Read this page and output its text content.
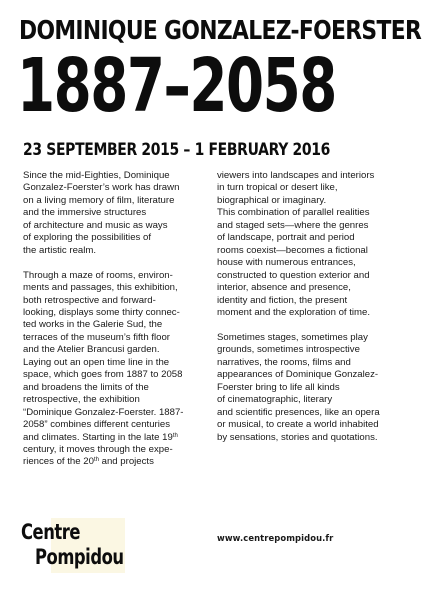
DOMINIQUE GONZALEZ-FOERSTER
1887–2058
23 SEPTEMBER 2015 – 1 FEBRUARY 2016

Since the mid-Eighties, Dominique
Gonzalez-Foerster’s work has drawn
on a living memory of film, literature
and the immersive structures
of architecture and music as ways
of exploring the possibilities of
the artistic realm.

Through a maze of rooms, environ-
ments and passages, this exhibition,
both retrospective and forward-
looking, displays some thirty connec-
ted works in the Galerie Sud, the
terraces of the museum’s fifth floor
and the Atelier Brancusi garden.
Laying out an open time line in the
space, which goes from 1887 to 2058
and broadens the limits of the
retrospective, the exhibition
“Dominique Gonzalez-Foerster. 1887-
2058” combines different centuries
and climates. Starting in the late 19th
century, it moves through the expe-
riences of the 20th and projects

viewers into landscapes and interiors
in turn tropical or desert like,
biographical or imaginary.
This combination of parallel realities
and staged sets—where the genres
of landscape, portrait and period
rooms coexist—becomes a fictional
house with numerous entrances,
constructed to question exterior and
interior, absence and presence,
identity and fiction, the present
moment and the exploration of time.

Sometimes stages, sometimes play
grounds, sometimes introspective
narratives, the rooms, films and
appearances of Dominique Gonzalez-
Foerster bring to life all kinds
of cinematographic, literary
and scientific presences, like an opera
or musical, to create a world inhabited
by sensations, stories and quotations.

Centre
Pompidou
www.centrepompidou.fr
